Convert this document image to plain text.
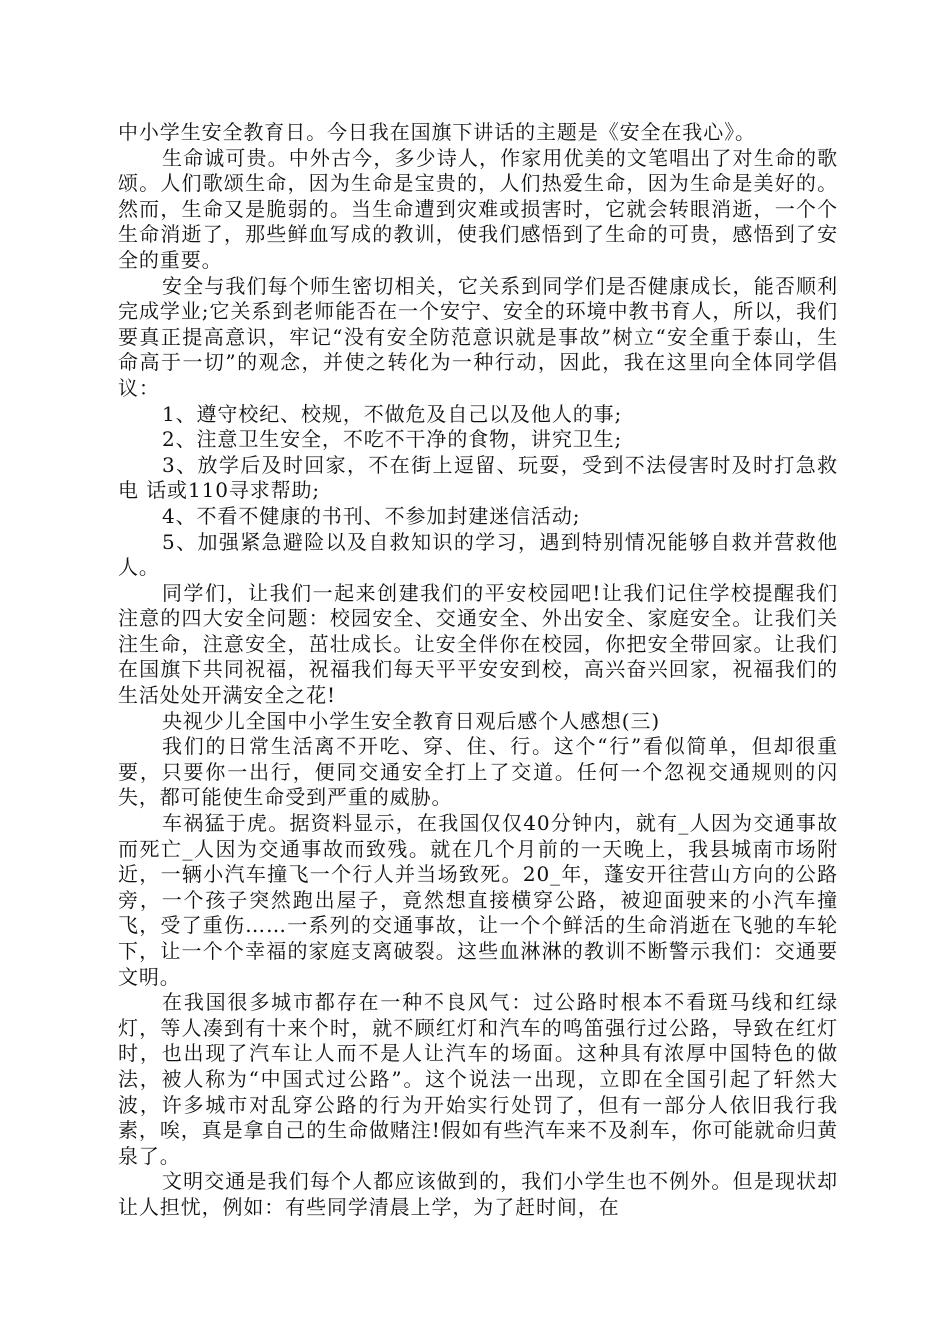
中小学生安全教育日。今日我在国旗下讲话的主题是《安全在我心》。

生命诚可贵。中外古今，多少诗人，作家用优美的文笔唱出了对生命的歌颂。人们歌颂生命，因为生命是宝贵的，人们热爱生命，因为生命是美好的。然而，生命又是脆弱的。当生命遭到灾难或损害时，它就会转眼消逝，一个个生命消逝了，那些鲜血写成的教训，使我们感悟到了生命的可贵，感悟到了安全的重要。

安全与我们每个师生密切相关，它关系到同学们是否健康成长，能否顺利完成学业;它关系到老师能否在一个安宁、安全的环境中教书育人，所以，我们要真正提高意识，牢记“没有安全防范意识就是事故”树立“安全重于泰山，生命高于一切”的观念，并使之转化为一种行动，因此，我在这里向全体同学倡议：

1、遵守校纪、校规，不做危及自己以及他人的事;

2、注意卫生安全，不吃不干净的食物，讲究卫生;

3、放学后及时回家，不在街上逗留、玩耍，受到不法侵害时及时打急救电 话或110寻求帮助;

4、不看不健康的书刊、不参加封建迷信活动;

5、加强紧急避险以及自救知识的学习，遇到特别情况能够自救并营救他人。

同学们，让我们一起来创建我们的平安校园吧!让我们记住学校提醒我们注意的四大安全问题：校园安全、交通安全、外出安全、家庭安全。让我们关注生命，注意安全，茁壮成长。让安全伴你在校园，你把安全带回家。让我们在国旗下共同祝福，祝福我们每天平平安安到校，高兴奋兴回家，祝福我们的生活处处开满安全之花!

央视少儿全国中小学生安全教育日观后感个人感想(三)

我们的日常生活离不开吃、穿、住、行。这个“行”看似简单，但却很重要，只要你一出行，便同交通安全打上了交道。任何一个忽视交通规则的闪失，都可能使生命受到严重的威胁。

车祸猛于虎。据资料显示，在我国仅仅40分钟内，就有_人因为交通事故而死亡_人因为交通事故而致残。就在几个月前的一天晚上，我县城南市场附近，一辆小汽车撞飞一个行人并当场致死。20_年，蓬安开往营山方向的公路旁，一个孩子突然跑出屋子，竟然想直接横穿公路，被迎面驶来的小汽车撞飞，受了重伤……一系列的交通事故，让一个个鲜活的生命消逝在飞驰的车轮下，让一个个幸福的家庭支离破裂。这些血淋淋的教训不断警示我们：交通要文明。

在我国很多城市都存在一种不良风气：过公路时根本不看斑马线和红绿灯，等人凑到有十来个时，就不顾红灯和汽车的鸣笛强行过公路，导致在红灯时，也出现了汽车让人而不是人让汽车的场面。这种具有浓厚中国特色的做法，被人称为“中国式过公路”。这个说法一出现，立即在全国引起了轩然大波，许多城市对乱穿公路的行为开始实行处罚了，但有一部分人依旧我行我素，唉，真是拿自己的生命做赌注!假如有些汽车来不及刹车，你可能就命归黄泉了。

文明交通是我们每个人都应该做到的，我们小学生也不例外。但是现状却让人担忧，例如：有些同学清晨上学，为了赶时间，在
